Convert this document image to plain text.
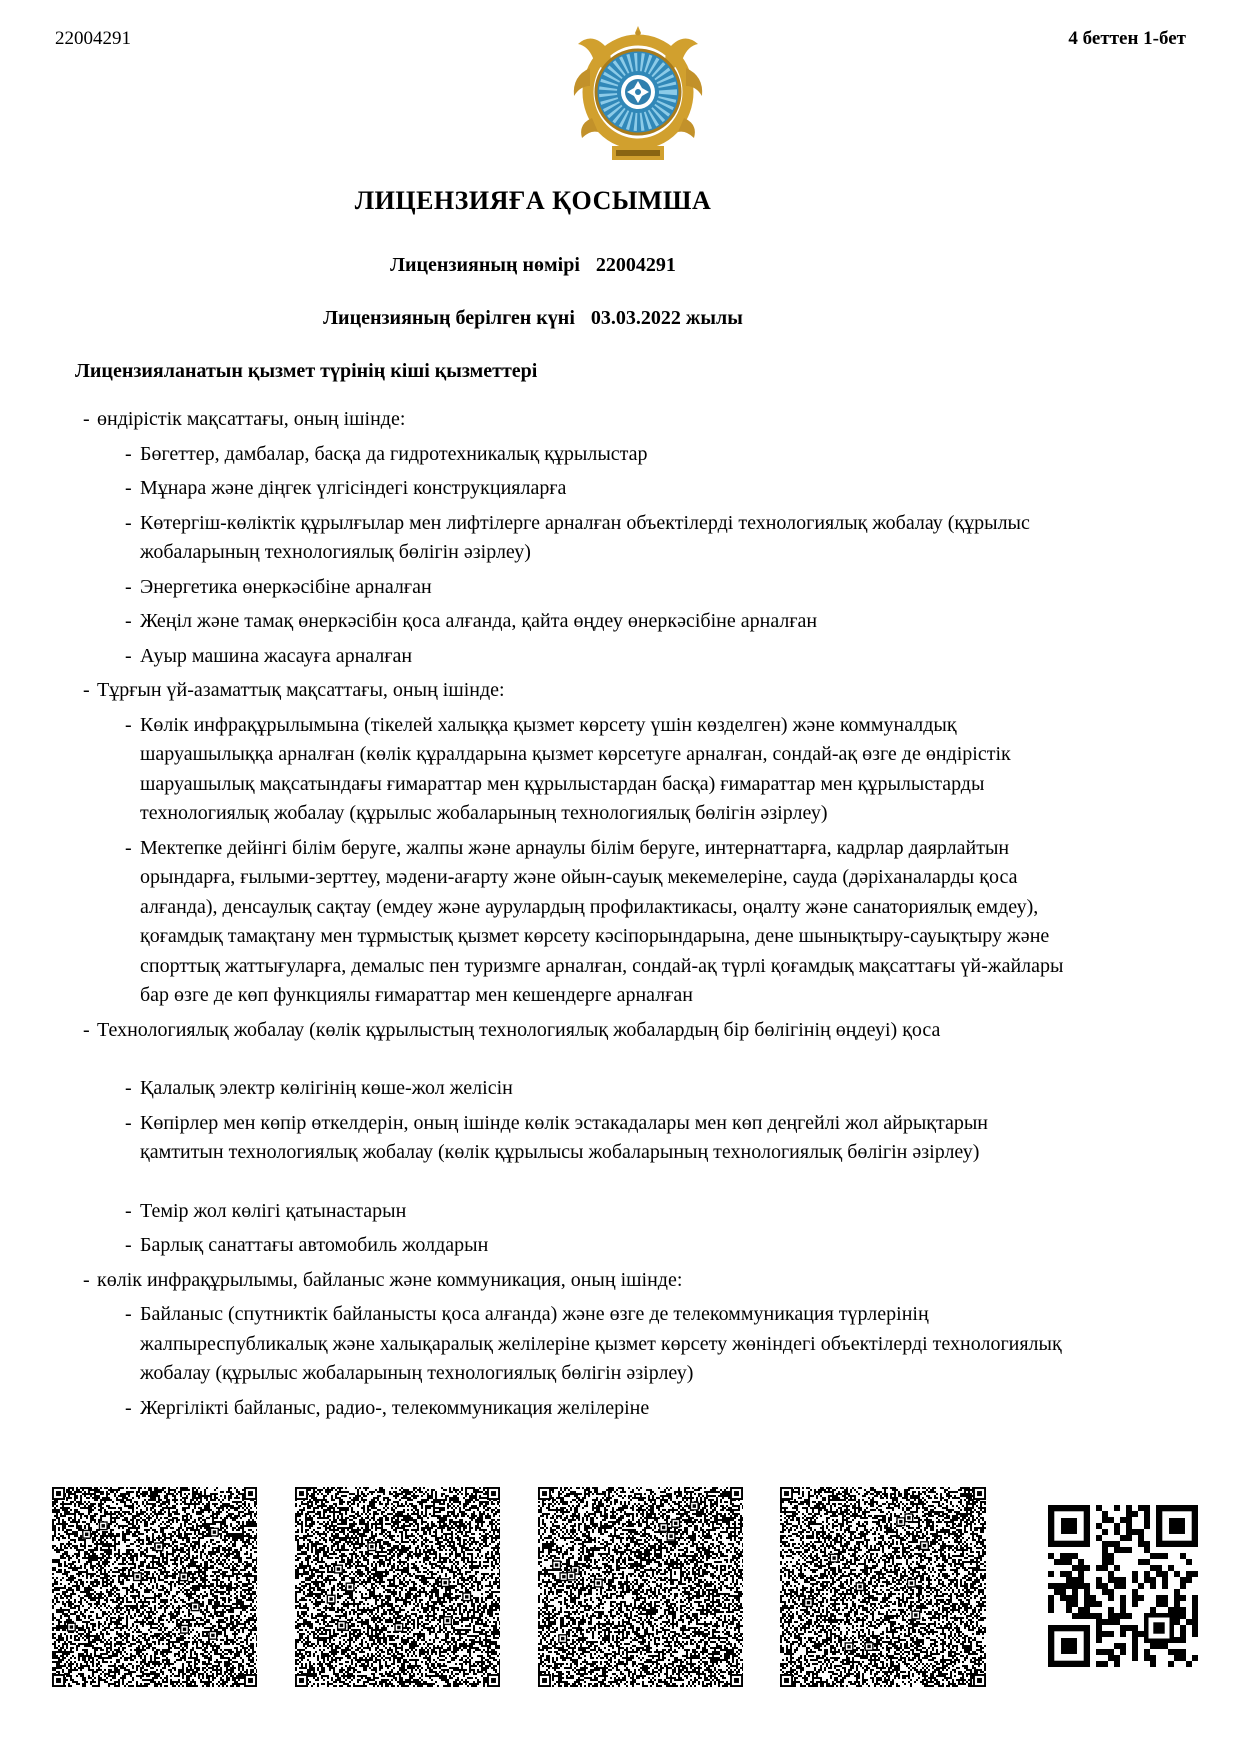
22004291	4 беттен 1-бет
ЛИЦЕНЗИЯҒА ҚОСЫМША
Лицензияның нөмірі 22004291
Лицензияның берілген күні 03.03.2022 жылы
Лицензияланатын қызмет түрінің кіші қызметтері
- өндірістік мақсаттағы, оның ішінде:
- Бөгеттер, дамбалар, басқа да гидротехникалық құрылыстар
- Мұнара және діңгек үлгісіндегі конструкцияларға
- Көтергіш-көліктік құрылғылар мен лифтілерге арналған объектілерді технологиялық жобалау (құрылыс жобаларының технологиялық бөлігін әзірлеу)
- Энергетика өнеркәсібіне арналған
- Жеңіл және тамақ өнеркәсібін қоса алғанда, қайта өңдеу өнеркәсібіне арналған
- Ауыр машина жасауға арналған
- Тұрғын үй-азаматтық мақсаттағы, оның ішінде:
- Көлік инфрақұрылымына (тікелей халыққа қызмет көрсету үшін көзделген) және коммуналдық шаруашылыққа арналған (көлік құралдарына қызмет көрсетуге арналған, сондай-ақ өзге де өндірістік шаруашылық мақсатындағы ғимараттар мен құрылыстардан басқа) ғимараттар мен құрылыстарды технологиялық жобалау (құрылыс жобаларының технологиялық бөлігін әзірлеу)
- Мектепке дейінгі білім беруге, жалпы және арнаулы білім беруге, интернаттарға, кадрлар даярлайтын орындарға, ғылыми-зерттеу, мәдени-ағарту және ойын-сауық мекемелеріне, сауда (дәріханаларды қоса алғанда), денсаулық сақтау (емдеу және аурулардың профилактикасы, оңалту және санаториялық емдеу), қоғамдық тамақтану мен тұрмыстық қызмет көрсету кәсіпорындарына, дене шынықтыру-сауықтыру және спорттық жаттығуларға, демалыс пен туризмге арналған, сондай-ақ түрлі қоғамдық мақсаттағы үй-жайлары бар өзге де көп функциялы ғимараттар мен кешендерге арналған
- Технологиялық жобалау (көлік құрылыстың технологиялық жобалардың бір бөлігінің өңдеуі) қоса
- Қалалық электр көлігінің көше-жол желісін
- Көпірлер мен көпір өткелдерін, оның ішінде көлік эстакадалары мен көп деңгейлі жол айрықтарын қамтитын технологиялық жобалау (көлік құрылысы жобаларының технологиялық бөлігін әзірлеу)
- Темір жол көлігі қатынастарын
- Барлық санаттағы автомобиль жолдарын
- көлік инфрақұрылымы, байланыс және коммуникация, оның ішінде:
- Байланыс (спутниктік байланысты қоса алғанда) және өзге де телекоммуникация түрлерінің жалпыреспубликалық және халықаралық желілеріне қызмет көрсету жөніндегі объектілерді технологиялық жобалау (құрылыс жобаларының технологиялық бөлігін әзірлеу)
- Жергілікті байланыс, радио-, телекоммуникация желілеріне
